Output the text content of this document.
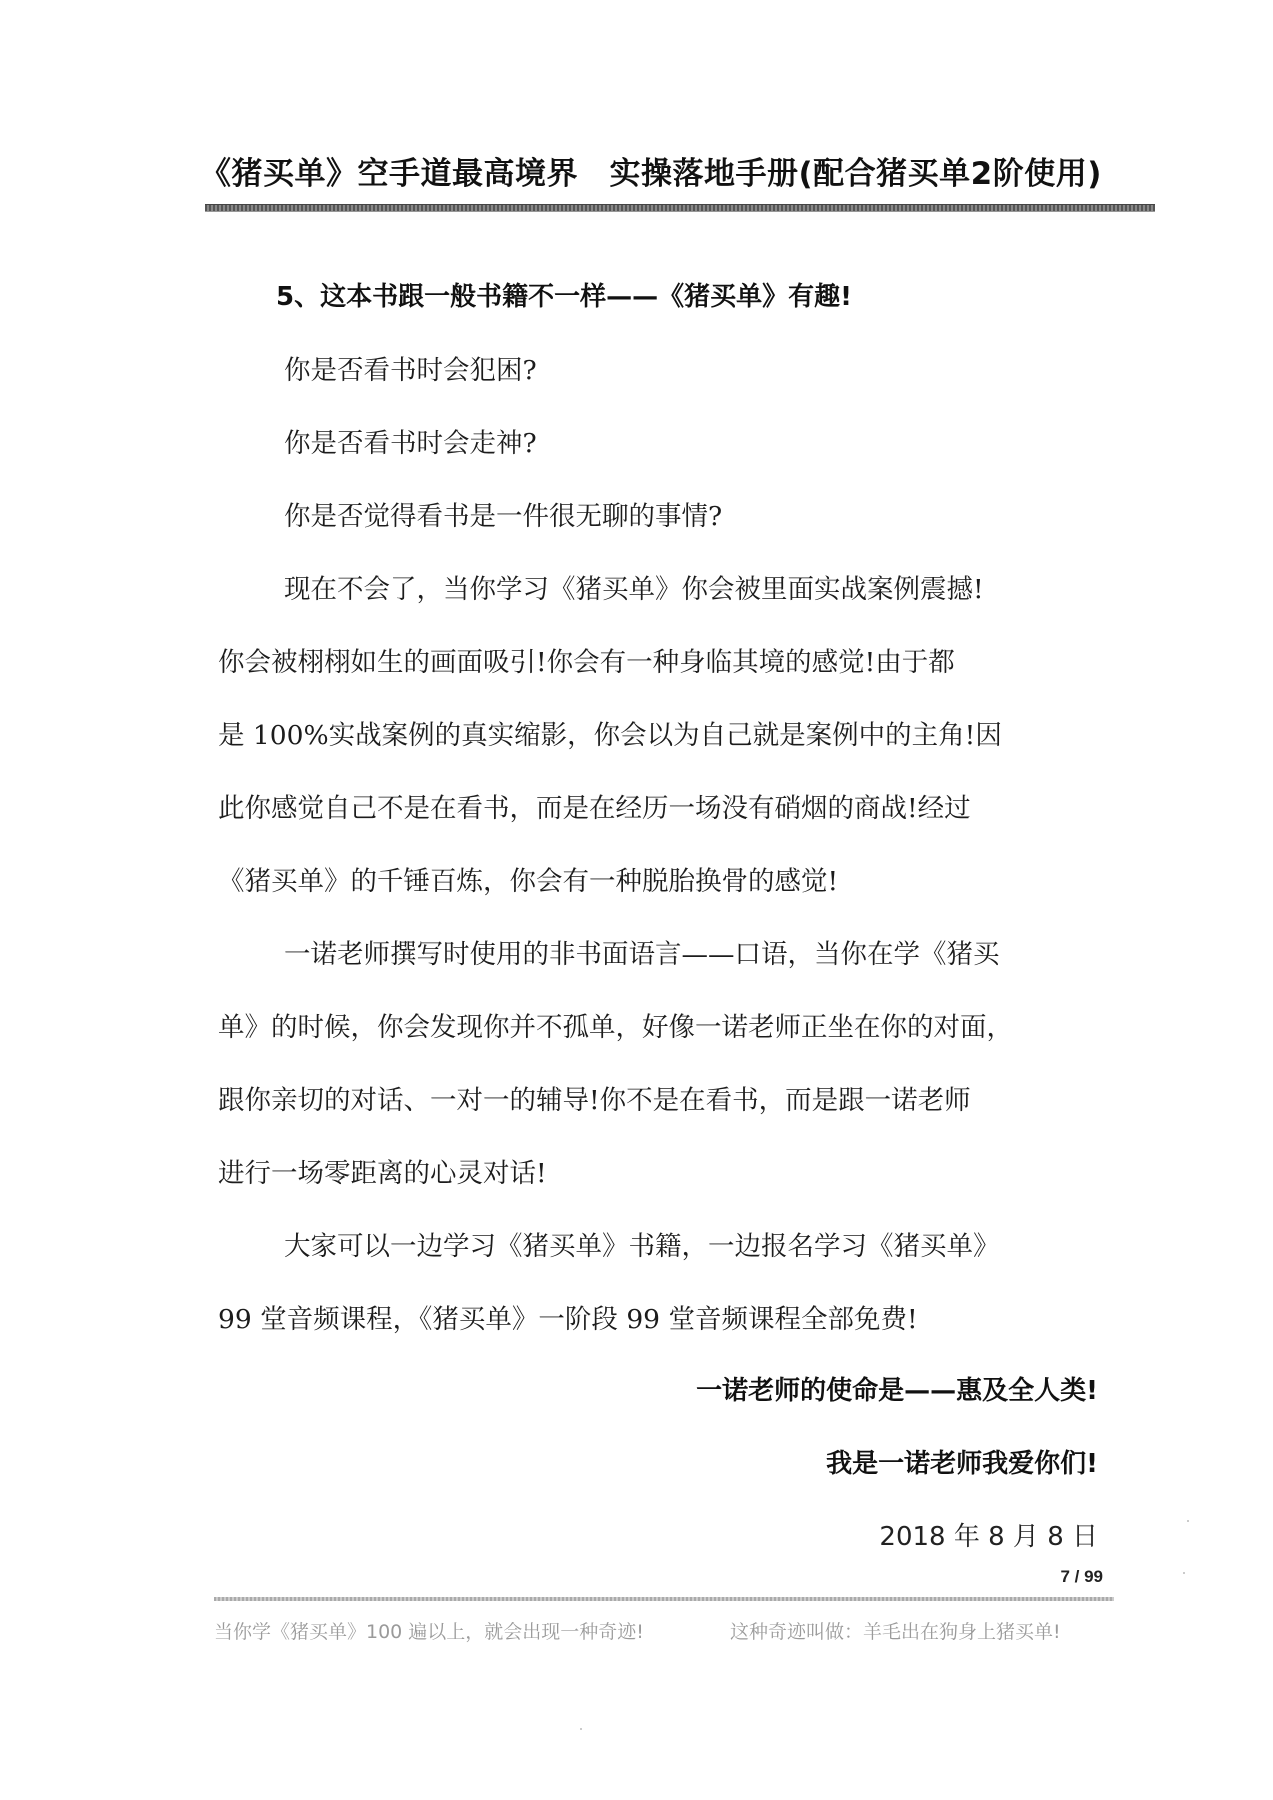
《猪买单》空手道最高境界　实操落地手册(配合猪买单2阶使用)
5、这本书跟一般书籍不一样——《猪买单》有趣!
你是否看书时会犯困?
你是否看书时会走神?
你是否觉得看书是一件很无聊的事情?
现在不会了，当你学习《猪买单》你会被里面实战案例震撼!
你会被栩栩如生的画面吸引!你会有一种身临其境的感觉!由于都
是 100%实战案例的真实缩影，你会以为自己就是案例中的主角!因
此你感觉自己不是在看书，而是在经历一场没有硝烟的商战!经过
《猪买单》的千锤百炼，你会有一种脱胎换骨的感觉!
一诺老师撰写时使用的非书面语言——口语，当你在学《猪买
单》的时候，你会发现你并不孤单，好像一诺老师正坐在你的对面，
跟你亲切的对话、一对一的辅导!你不是在看书，而是跟一诺老师
进行一场零距离的心灵对话!
大家可以一边学习《猪买单》书籍，一边报名学习《猪买单》
99 堂音频课程，《猪买单》一阶段 99 堂音频课程全部免费!
一诺老师的使命是——惠及全人类!
我是一诺老师我爱你们!
2018 年 8 月 8 日
7 / 99
当你学《猪买单》100 遍以上，就会出现一种奇迹!	这种奇迹叫做：羊毛出在狗身上猪买单!
